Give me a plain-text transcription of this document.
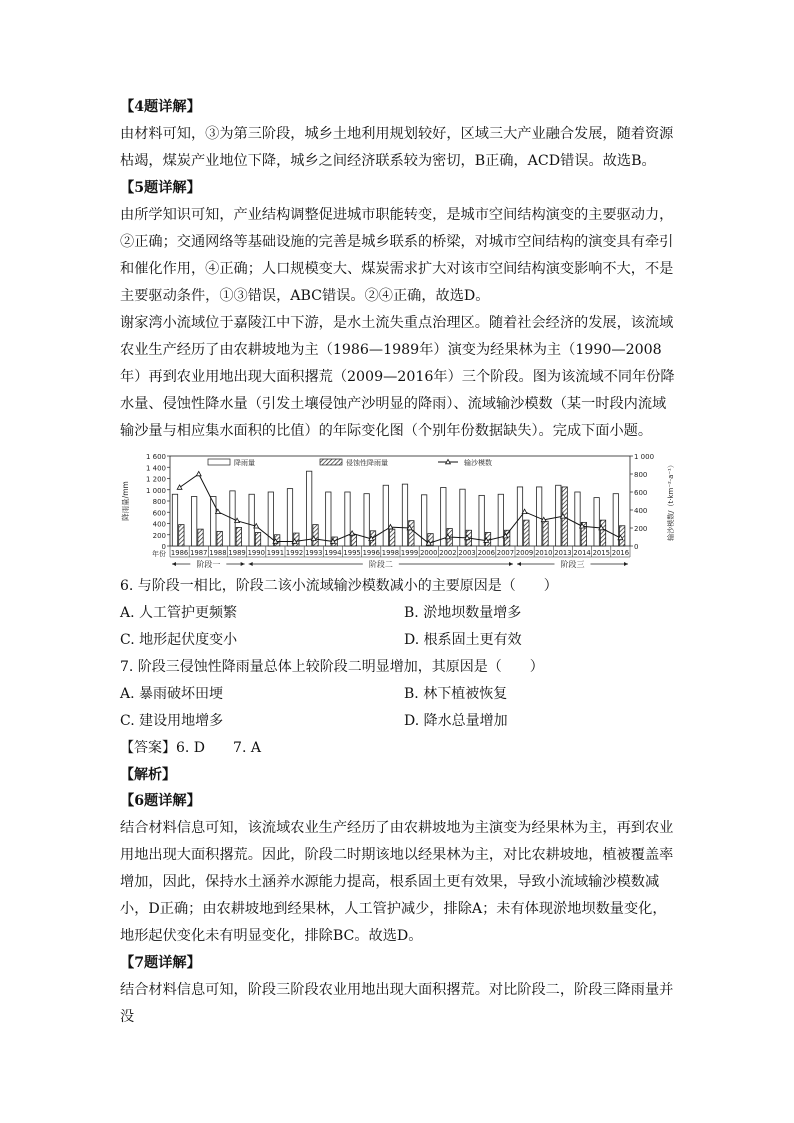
【4题详解】

由材料可知，③为第三阶段，城乡土地利用规划较好，区域三大产业融合发展，随着资源枯竭，煤炭产业地位下降，城乡之间经济联系较为密切，B正确，ACD错误。故选B。

【5题详解】

由所学知识可知，产业结构调整促进城市职能转变，是城市空间结构演变的主要驱动力，②正确；交通网络等基础设施的完善是城乡联系的桥梁，对城市空间结构的演变具有牵引和催化作用，④正确；人口规模变大、煤炭需求扩大对该市空间结构演变影响不大，不是主要驱动条件，①③错误，ABC错误。②④正确，故选D。

谢家湾小流域位于嘉陵江中下游，是水土流失重点治理区。随着社会经济的发展，该流域农业生产经历了由农耕坡地为主（1986—1989年）演变为经果林为主（1990—2008年）再到农业用地出现大面积撂荒（2009—2016年）三个阶段。图为该流域不同年份降水量、侵蚀性降水量（引发土壤侵蚀产沙明显的降雨）、流域输沙模数（某一时段内流域输沙量与相应集水面积的比值）的年际变化图（个别年份数据缺失）。完成下面小题。

0
200
400
600
800
1 000
1 200
1 400
1 600
0
200
400
600
800
1 000
降雨量/mm	输沙模数/（t·km⁻²·a⁻¹）
年份 1986 1987 1988 1989 1990 1991 1992 1993 1994 1995 1996 1998 1999 2000 2002 2003 2006 2007 2009 2010 2013 2014 2015 2016
降雨量	侵蚀性降雨量	输沙模数
阶段一	阶段二	阶段三

6. 与阶段一相比，阶段二该小流域输沙模数减小的主要原因是（　　）

A. 人工管护更频繁	B. 淤地坝数量增多

C. 地形起伏度变小	D. 根系固土更有效

7. 阶段三侵蚀性降雨量总体上较阶段二明显增加，其原因是（　　）

A. 暴雨破坏田埂	B. 林下植被恢复

C. 建设用地增多	D. 降水总量增加

【答案】6. D　　7. A

【解析】

【6题详解】

结合材料信息可知，该流域农业生产经历了由农耕坡地为主演变为经果林为主，再到农业用地出现大面积撂荒。因此，阶段二时期该地以经果林为主，对比农耕坡地，植被覆盖率增加，因此，保持水土涵养水源能力提高，根系固土更有效果，导致小流域输沙模数减小，D正确；由农耕坡地到经果林，人工管护减少，排除A；未有体现淤地坝数量变化，地形起伏变化未有明显变化，排除BC。故选D。

【7题详解】

结合材料信息可知，阶段三阶段农业用地出现大面积撂荒。对比阶段二，阶段三降雨量并没
